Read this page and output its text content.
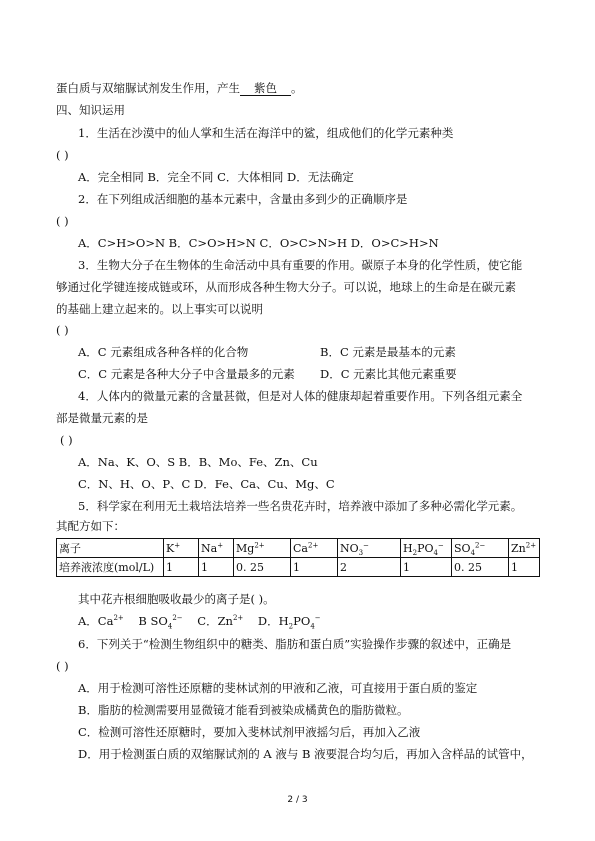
蛋白质与双缩脲试剂发生作用，产生 紫色 。
四、知识运用
1．生活在沙漠中的仙人掌和生活在海洋中的鲨，组成他们的化学元素种类
( )
A．完全相同 B．完全不同 C．大体相同 D．无法确定
2．在下列组成活细胞的基本元素中，含量由多到少的正确顺序是
( )
A．C>H>O>N B．C>O>H>N C．O>C>N>H D．O>C>H>N
3．生物大分子在生物体的生命活动中具有重要的作用。碳原子本身的化学性质，使它能
够通过化学键连接成链或环，从而形成各种生物大分子。可以说，地球上的生命是在碳元素
的基础上建立起来的。以上事实可以说明
( )
A．C 元素组成各种各样的化合物	B．C 元素是最基本的元素
C．C 元素是各种大分子中含量最多的元素 D．C 元素比其他元素重要
4．人体内的微量元素的含量甚微，但是对人体的健康却起着重要作用。下列各组元素全
部是微量元素的是
( )
A．Na、K、O、S B．B、Mo、Fe、Zn、Cu
C．N、H、O、P、C D．Fe、Ca、Cu、Mg、C
5．科学家在利用无土栽培法培养一些名贵花卉时，培养液中添加了多种必需化学元素。
其配方如下：
离子	K+	Na+	$Mg^{2+}$	$Ca^{2+}$	$NO_3^-$	$H_2PO_4^-$	$SO_4^{2-}$	$Zn^{2+}$
培养液浓度(mol/L)	1	1	0. 25	1	2	1	0. 25	1
其中花卉根细胞吸收最少的离子是( )。
A．$Ca^{2+}$ B $SO_4^{2-}$ C．$Zn^{2+}$ D．$H_2PO_4^-$
6．下列关于“检测生物组织中的糖类、脂肪和蛋白质”实验操作步骤的叙述中，正确是
( )
A．用于检测可溶性还原糖的斐林试剂的甲液和乙液，可直接用于蛋白质的鉴定
B．脂肪的检测需要用显微镜才能看到被染成橘黄色的脂肪微粒。
C．检测可溶性还原糖时，要加入斐林试剂甲液摇匀后，再加入乙液
D．用于检测蛋白质的双缩脲试剂的 A 液与 B 液要混合均匀后，再加入含样品的试管中，
2 / 3
